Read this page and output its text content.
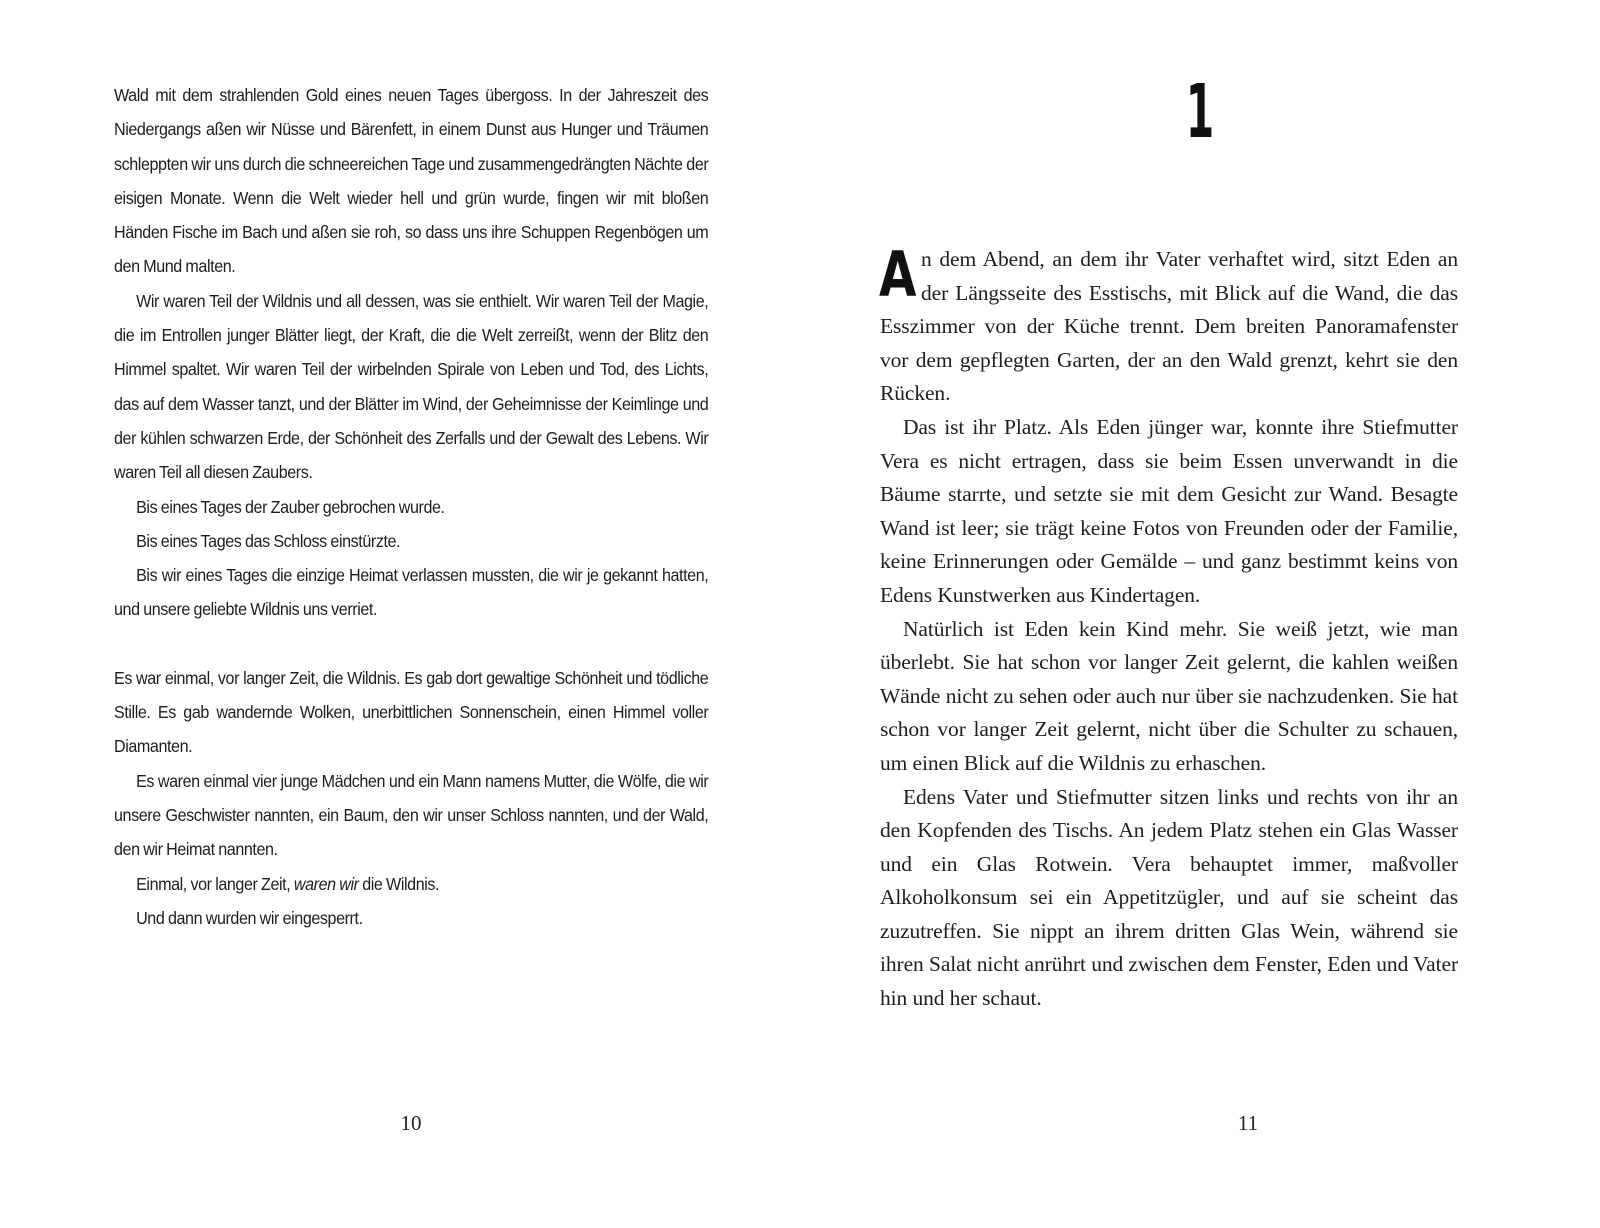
Wald mit dem strahlenden Gold eines neuen Tages übergoss. In der Jahreszeit des Niedergangs aßen wir Nüsse und Bärenfett, in einem Dunst aus Hunger und Träumen schleppten wir uns durch die schneereichen Tage und zusammengedrängten Nächte der eisigen Monate. Wenn die Welt wieder hell und grün wurde, fingen wir mit bloßen Händen Fische im Bach und aßen sie roh, so dass uns ihre Schuppen Regenbögen um den Mund malten.

Wir waren Teil der Wildnis und all dessen, was sie enthielt. Wir waren Teil der Magie, die im Entrollen junger Blätter liegt, der Kraft, die die Welt zerreißt, wenn der Blitz den Himmel spaltet. Wir waren Teil der wirbelnden Spirale von Leben und Tod, des Lichts, das auf dem Wasser tanzt, und der Blätter im Wind, der Geheimnisse der Keimlinge und der kühlen schwarzen Erde, der Schönheit des Zerfalls und der Gewalt des Lebens. Wir waren Teil all diesen Zaubers.

Bis eines Tages der Zauber gebrochen wurde.

Bis eines Tages das Schloss einstürzte.

Bis wir eines Tages die einzige Heimat verlassen mussten, die wir je gekannt hatten, und unsere geliebte Wildnis uns verriet.

Es war einmal, vor langer Zeit, die Wildnis. Es gab dort gewaltige Schönheit und tödliche Stille. Es gab wandernde Wolken, unerbittlichen Sonnenschein, einen Himmel voller Diamanten.

Es waren einmal vier junge Mädchen und ein Mann namens Mutter, die Wölfe, die wir unsere Geschwister nannten, ein Baum, den wir unser Schloss nannten, und der Wald, den wir Heimat nannten.

Einmal, vor langer Zeit, waren wir die Wildnis.

Und dann wurden wir eingesperrt.

10
1

An dem Abend, an dem ihr Vater verhaftet wird, sitzt Eden an der Längsseite des Esstischs, mit Blick auf die Wand, die das Esszimmer von der Küche trennt. Dem breiten Panoramafenster vor dem gepflegten Garten, der an den Wald grenzt, kehrt sie den Rücken.

Das ist ihr Platz. Als Eden jünger war, konnte ihre Stiefmutter Vera es nicht ertragen, dass sie beim Essen unverwandt in die Bäume starrte, und setzte sie mit dem Gesicht zur Wand. Besagte Wand ist leer; sie trägt keine Fotos von Freunden oder der Familie, keine Erinnerungen oder Gemälde – und ganz bestimmt keins von Edens Kunstwerken aus Kindertagen.

Natürlich ist Eden kein Kind mehr. Sie weiß jetzt, wie man überlebt. Sie hat schon vor langer Zeit gelernt, die kahlen weißen Wände nicht zu sehen oder auch nur über sie nachzudenken. Sie hat schon vor langer Zeit gelernt, nicht über die Schulter zu schauen, um einen Blick auf die Wildnis zu erhaschen.

Edens Vater und Stiefmutter sitzen links und rechts von ihr an den Kopfenden des Tischs. An jedem Platz stehen ein Glas Wasser und ein Glas Rotwein. Vera behauptet immer, maßvoller Alkoholkonsum sei ein Appetitzügler, und auf sie scheint das zuzutreffen. Sie nippt an ihrem dritten Glas Wein, während sie ihren Salat nicht anrührt und zwischen dem Fenster, Eden und Vater hin und her schaut.

11
